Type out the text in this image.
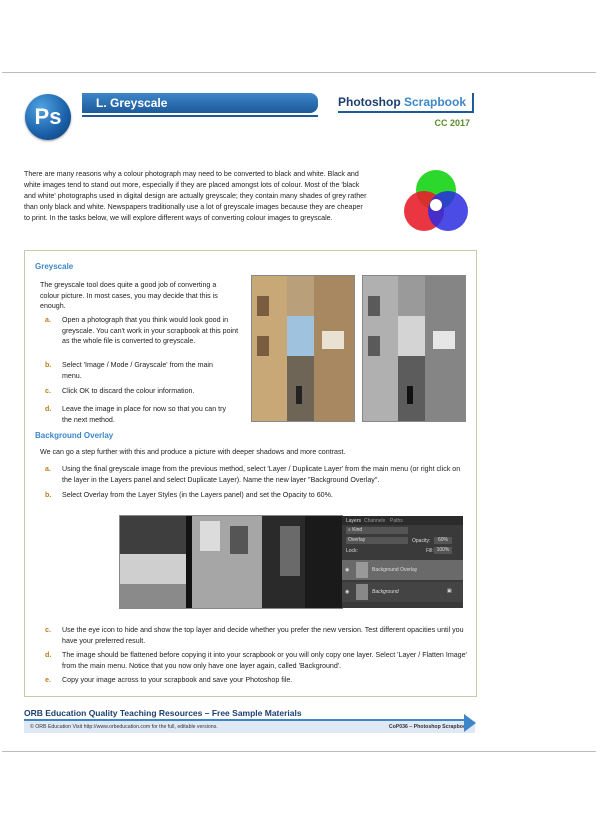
Ps
L. Greyscale	Photoshop Scrapbook
CC 2017
There are many reasons why a colour photograph may need to be converted to black and white. Black and white images tend to stand out more, especially if they are placed amongst lots of colour. Most of the 'black and white' photographs used in digital design are actually greyscale; they contain many shades of grey rather than only black and white. Newspapers traditionally use a lot of greyscale images because they are cheaper to print. In the tasks below, we will explore different ways of converting colour images to greyscale.
Greyscale
The greyscale tool does quite a good job of converting a colour picture. In most cases, you may decide that this is enough.
a. Open a photograph that you think would look good in greyscale. You can't work in your scrapbook at this point as the whole file is converted to greyscale.
b. Select 'Image / Mode / Grayscale' from the main menu.
c. Click OK to discard the colour information.
d. Leave the image in place for now so that you can try the next method.
Background Overlay
We can go a step further with this and produce a picture with deeper shadows and more contrast.
a. Using the final greyscale image from the previous method, select 'Layer / Duplicate Layer' from the main menu (or right click on the layer in the Layers panel and select Duplicate Layer). Name the new layer "Background Overlay".
b. Select Overlay from the Layer Styles (in the Layers panel) and set the Opacity to 60%.
Layers Channels Paths
⌕ Kind
Overlay	Opacity:	60%
Lock:	Fill: 100%
◉	Background Overlay
◉	Background	▣
c. Use the eye icon to hide and show the top layer and decide whether you prefer the new version. Test different opacities until you have your preferred result.
d. The image should be flattened before copying it into your scrapbook or you will only copy one layer. Select 'Layer / Flatten Image' from the main menu. Notice that you now only have one layer again, called 'Background'.
e. Copy your image across to your scrapbook and save your Photoshop file.
ORB Education Quality Teaching Resources – Free Sample Materials
© ORB Education Visit http://www.orbeducation.com for the full, editable versions.	CoP036 – Photoshop Scrapbook
